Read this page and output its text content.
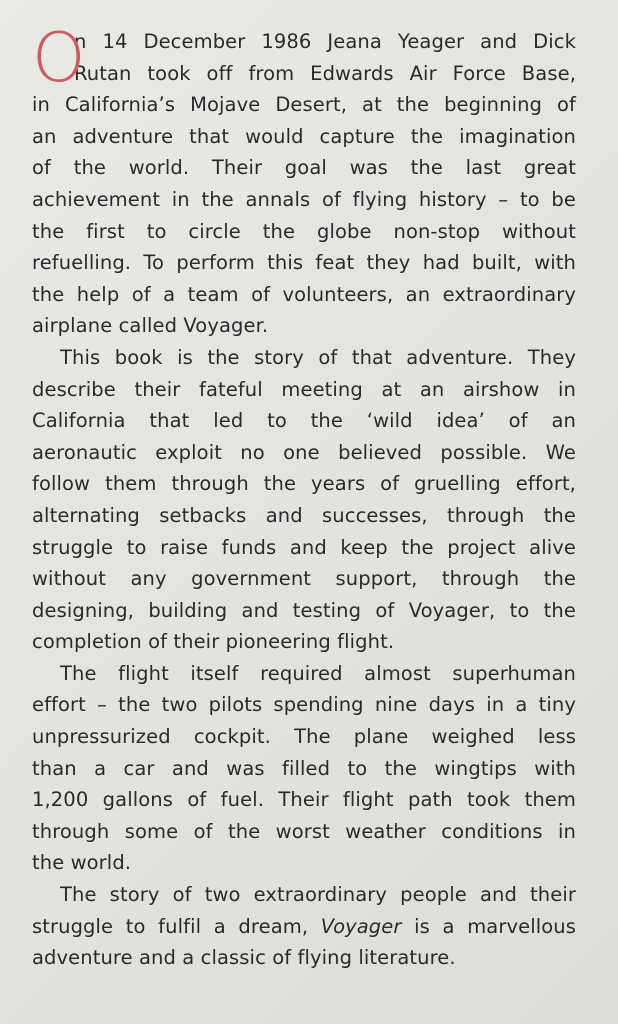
O
n 14 December 1986 Jeana Yeager and Dick
Rutan took off from Edwards Air Force Base,
in California’s Mojave Desert, at the beginning of
an adventure that would capture the imagination
of the world. Their goal was the last great
achievement in the annals of flying history – to be
the first to circle the globe non-stop without
refuelling. To perform this feat they had built, with
the help of a team of volunteers, an extraordinary
airplane called Voyager.
This book is the story of that adventure. They
describe their fateful meeting at an airshow in
California that led to the ‘wild idea’ of an
aeronautic exploit no one believed possible. We
follow them through the years of gruelling effort,
alternating setbacks and successes, through the
struggle to raise funds and keep the project alive
without any government support, through the
designing, building and testing of Voyager, to the
completion of their pioneering flight.
The flight itself required almost superhuman
effort – the two pilots spending nine days in a tiny
unpressurized cockpit. The plane weighed less
than a car and was filled to the wingtips with
1,200 gallons of fuel. Their flight path took them
through some of the worst weather conditions in
the world.
The story of two extraordinary people and their
struggle to fulfil a dream, Voyager is a marvellous
adventure and a classic of flying literature.
